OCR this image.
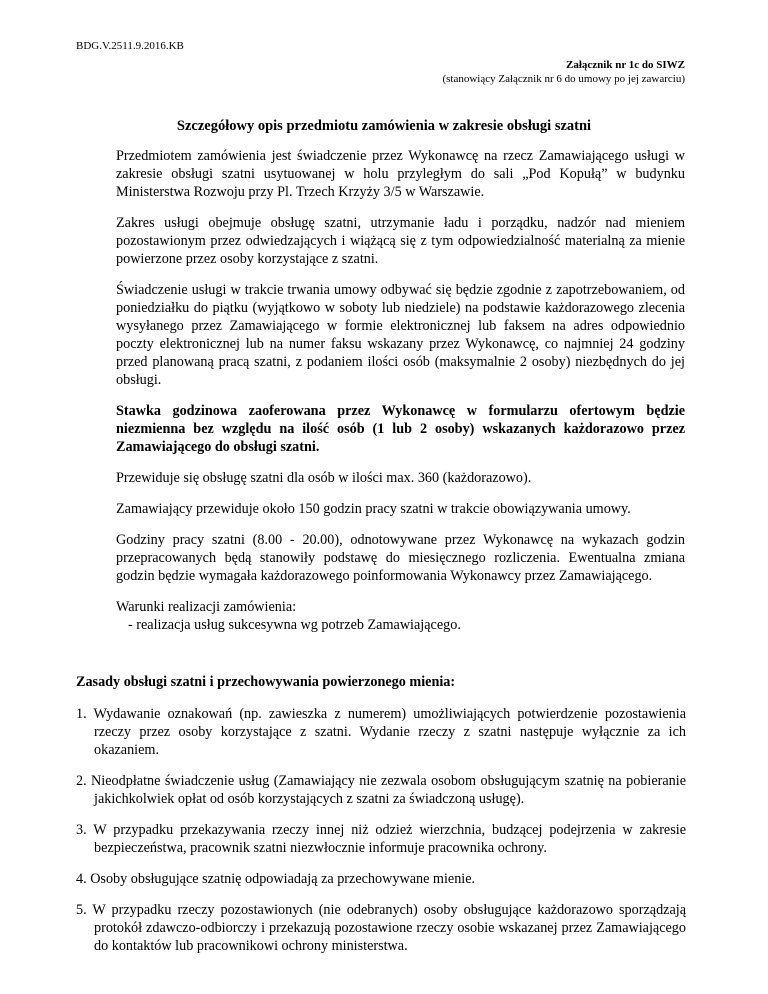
BDG.V.2511.9.2016.KB
Załącznik nr 1c do SIWZ
(stanowiący Załącznik nr 6 do umowy po jej zawarciu)
Szczegółowy opis przedmiotu zamówienia w zakresie obsługi szatni

Przedmiotem zamówienia jest świadczenie przez Wykonawcę na rzecz Zamawiającego usługi w zakresie obsługi szatni usytuowanej w holu przyległym do sali „Pod Kopułą” w budynku Ministerstwa Rozwoju przy Pl. Trzech Krzyży 3/5 w Warszawie.

Zakres usługi obejmuje obsługę szatni, utrzymanie ładu i porządku, nadzór nad mieniem pozostawionym przez odwiedzających i wiążącą się z tym odpowiedzialność materialną za mienie powierzone przez osoby korzystające z szatni.

Świadczenie usługi w trakcie trwania umowy odbywać się będzie zgodnie z zapotrzebowaniem, od poniedziałku do piątku (wyjątkowo w soboty lub niedziele) na podstawie każdorazowego zlecenia wysyłanego przez Zamawiającego w formie elektronicznej lub faksem na adres odpowiednio poczty elektronicznej lub na numer faksu wskazany przez Wykonawcę, co najmniej 24 godziny przed planowaną pracą szatni, z podaniem ilości osób (maksymalnie 2 osoby) niezbędnych do jej obsługi.

Stawka godzinowa zaoferowana przez Wykonawcę w formularzu ofertowym będzie niezmienna bez względu na ilość osób (1 lub 2 osoby) wskazanych każdorazowo przez Zamawiającego do obsługi szatni.

Przewiduje się obsługę szatni dla osób w ilości max. 360 (każdorazowo).

Zamawiający przewiduje około 150 godzin pracy szatni w trakcie obowiązywania umowy.

Godziny pracy szatni (8.00 - 20.00), odnotowywane przez Wykonawcę na wykazach godzin przepracowanych będą stanowiły podstawę do miesięcznego rozliczenia. Ewentualna zmiana godzin będzie wymagała każdorazowego poinformowania Wykonawcy przez Zamawiającego.

Warunki realizacji zamówienia:

- realizacja usług sukcesywna wg potrzeb Zamawiającego.
Zasady obsługi szatni i przechowywania powierzonego mienia:
1. Wydawanie oznakowań (np. zawieszka z numerem) umożliwiających potwierdzenie pozostawienia rzeczy przez osoby korzystające z szatni. Wydanie rzeczy z szatni następuje wyłącznie za ich okazaniem.
2. Nieodpłatne świadczenie usług (Zamawiający nie zezwala osobom obsługującym szatnię na pobieranie jakichkolwiek opłat od osób korzystających z szatni za świadczoną usługę).
3. W przypadku przekazywania rzeczy innej niż odzież wierzchnia, budzącej podejrzenia w zakresie bezpieczeństwa, pracownik szatni niezwłocznie informuje pracownika ochrony.
4. Osoby obsługujące szatnię odpowiadają za przechowywane mienie.
5. W przypadku rzeczy pozostawionych (nie odebranych) osoby obsługujące każdorazowo sporządzają protokół zdawczo-odbiorczy i przekazują pozostawione rzeczy osobie wskazanej przez Zamawiającego do kontaktów lub pracownikowi ochrony ministerstwa.
